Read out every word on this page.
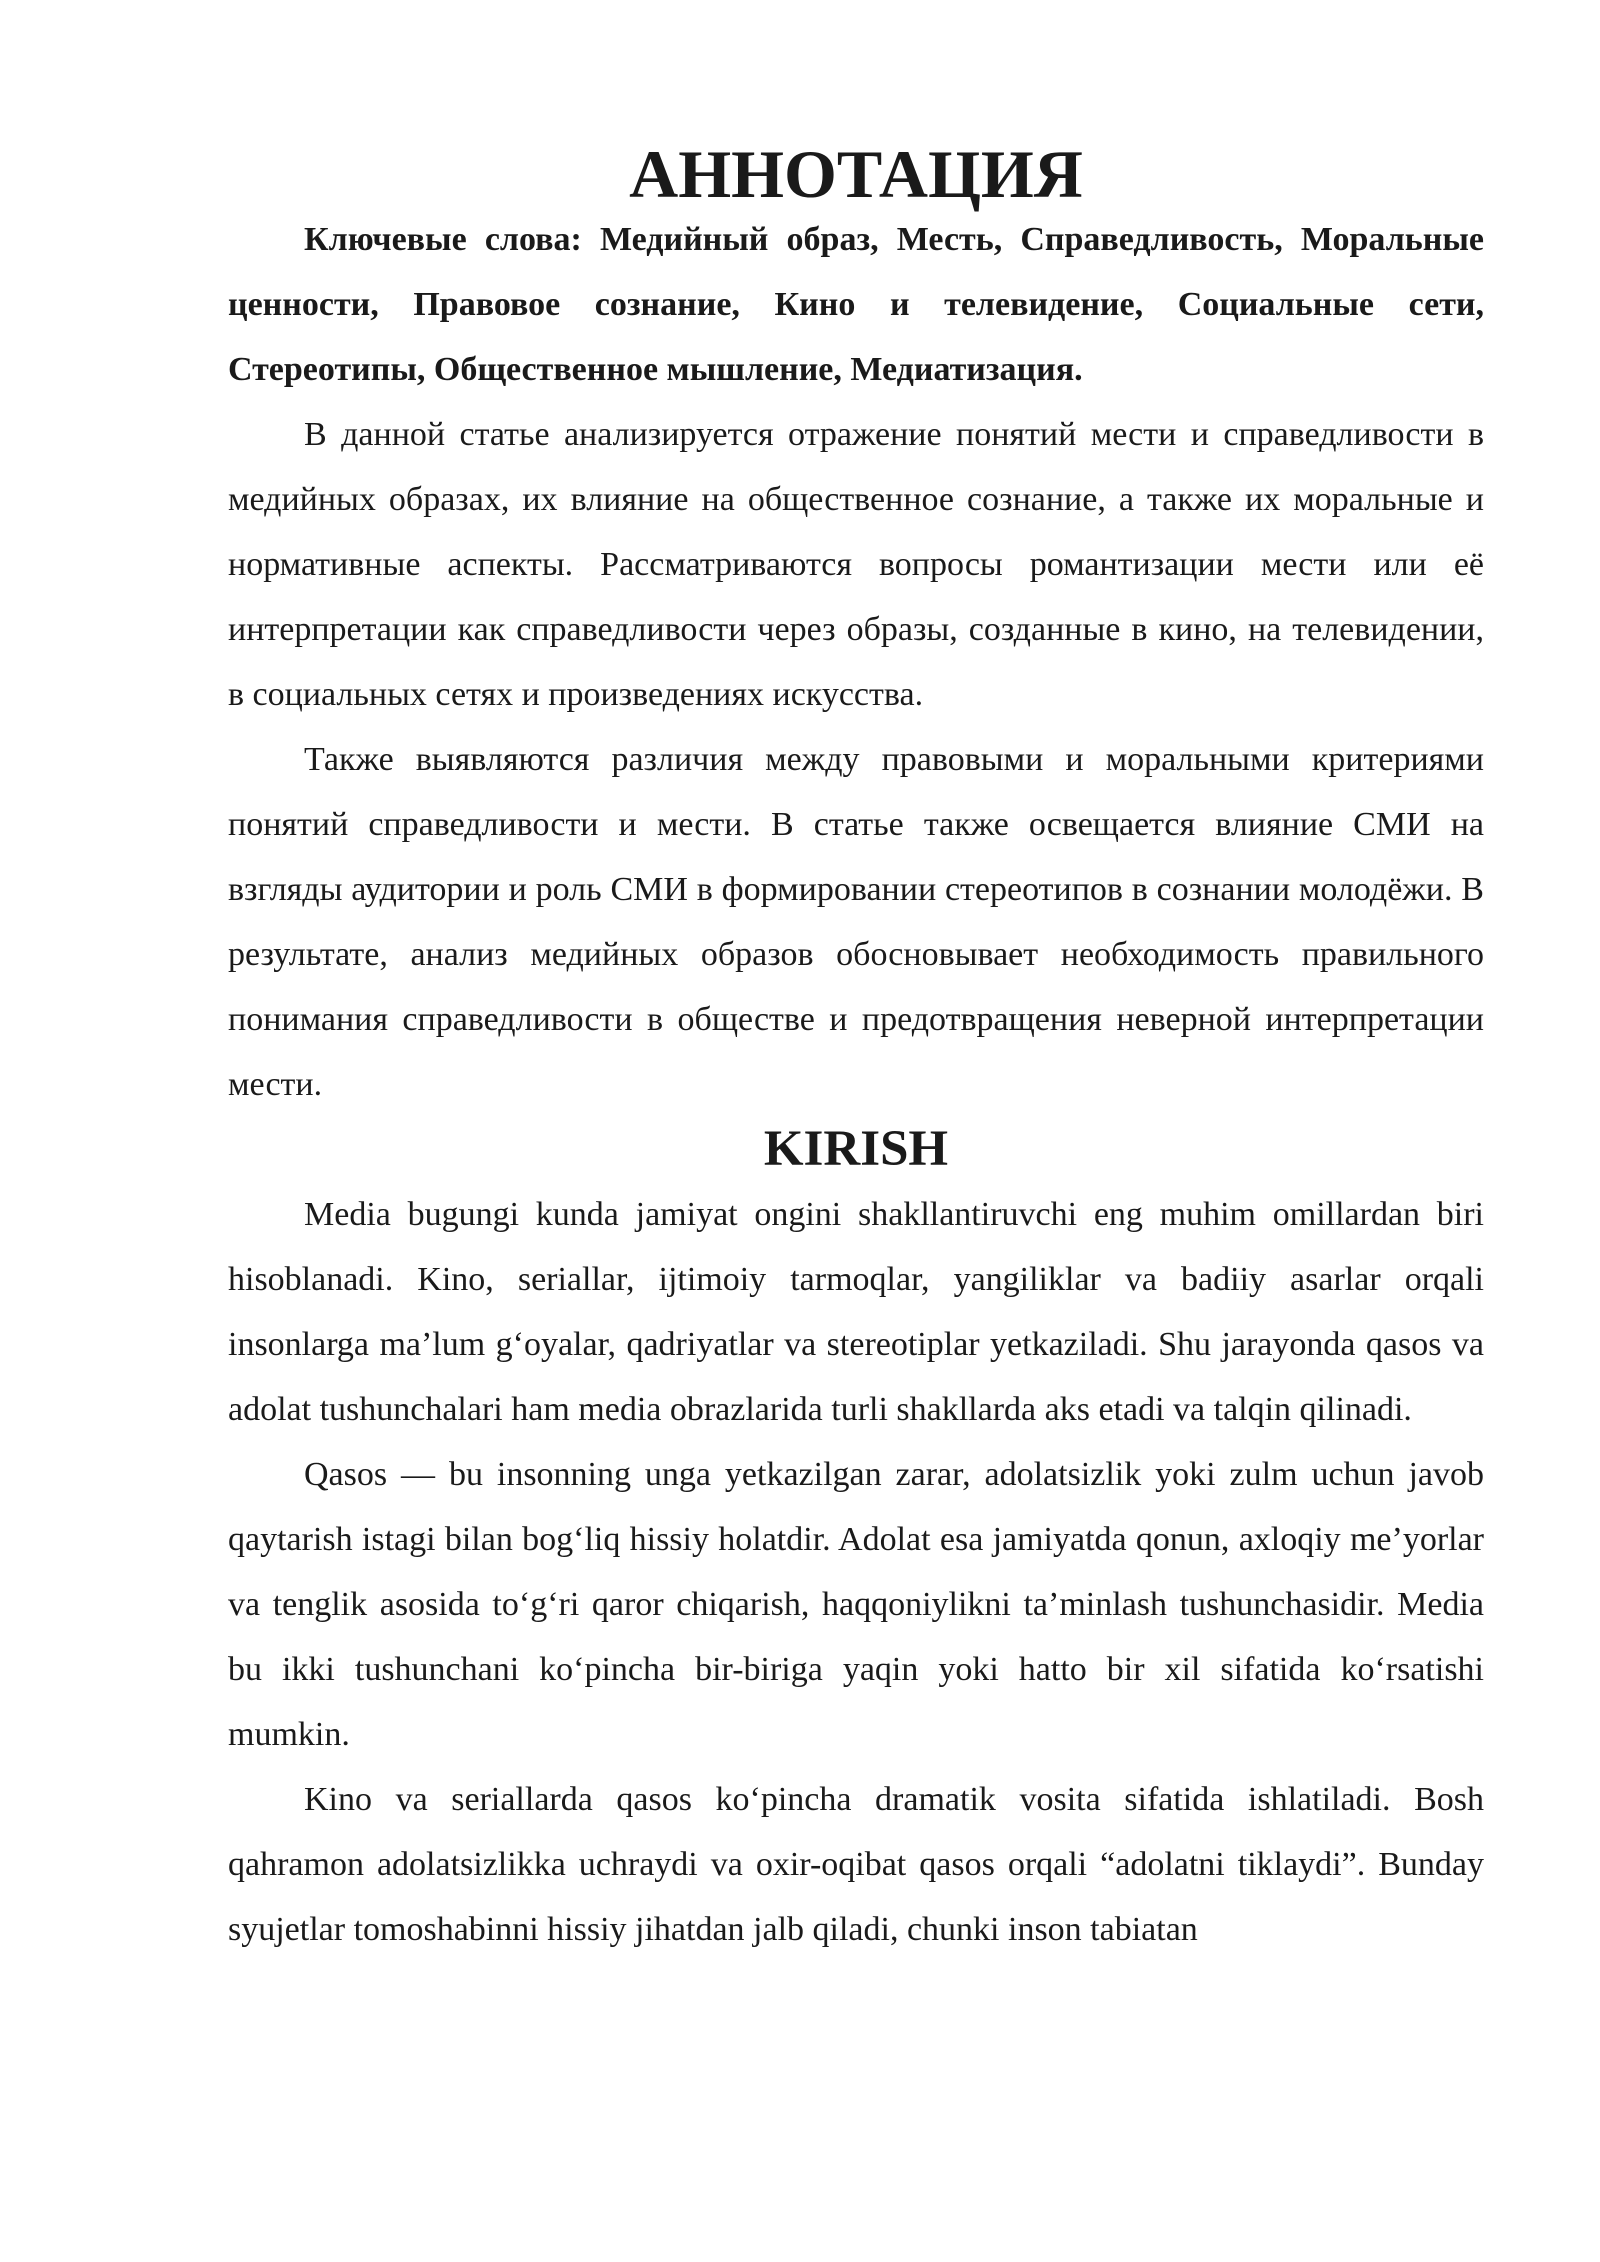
АННОТАЦИЯ

Ключевые слова: Медийный образ, Месть, Справедливость, Моральные ценности, Правовое сознание, Кино и телевидение, Социальные сети, Стереотипы, Общественное мышление, Медиатизация.

В данной статье анализируется отражение понятий мести и справедливости в медийных образах, их влияние на общественное сознание, а также их моральные и нормативные аспекты. Рассматриваются вопросы романтизации мести или её интерпретации как справедливости через образы, созданные в кино, на телевидении, в социальных сетях и произведениях искусства.

Также выявляются различия между правовыми и моральными критериями понятий справедливости и мести. В статье также освещается влияние СМИ на взгляды аудитории и роль СМИ в формировании стереотипов в сознании молодёжи. В результате, анализ медийных образов обосновывает необходимость правильного понимания справедливости в обществе и предотвращения неверной интерпретации мести.

KIRISH

Media bugungi kunda jamiyat ongini shakllantiruvchi eng muhim omillardan biri hisoblanadi. Kino, seriallar, ijtimoiy tarmoqlar, yangiliklar va badiiy asarlar orqali insonlarga ma’lum g‘oyalar, qadriyatlar va stereotiplar yetkaziladi. Shu jarayonda qasos va adolat tushunchalari ham media obrazlarida turli shakllarda aks etadi va talqin qilinadi.

Qasos — bu insonning unga yetkazilgan zarar, adolatsizlik yoki zulm uchun javob qaytarish istagi bilan bog‘liq hissiy holatdir. Adolat esa jamiyatda qonun, axloqiy me’yorlar va tenglik asosida to‘g‘ri qaror chiqarish, haqqoniylikni ta’minlash tushunchasidir. Media bu ikki tushunchani ko‘pincha bir-biriga yaqin yoki hatto bir xil sifatida ko‘rsatishi mumkin.

Kino va seriallarda qasos ko‘pincha dramatik vosita sifatida ishlatiladi. Bosh qahramon adolatsizlikka uchraydi va oxir-oqibat qasos orqali “adolatni tiklaydi”. Bunday syujetlar tomoshabinni hissiy jihatdan jalb qiladi, chunki inson tabiatan
